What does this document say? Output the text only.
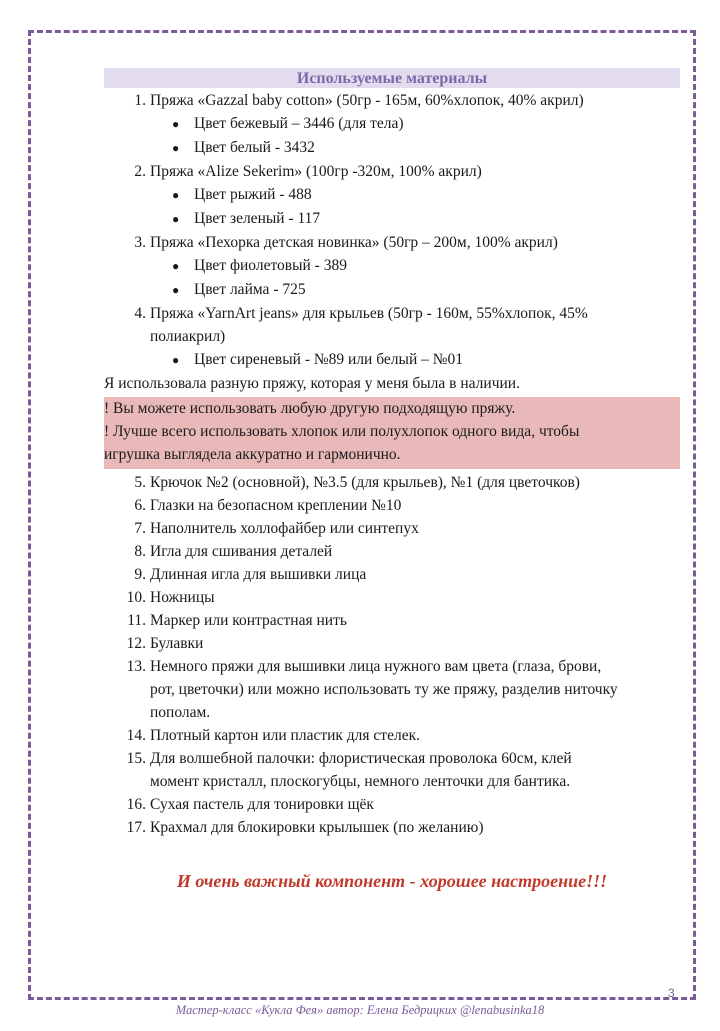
Используемые материалы
1. Пряжа «Gazzal baby cotton» (50гр - 165м, 60%хлопок, 40% акрил)
● Цвет бежевый – 3446 (для тела)
● Цвет белый - 3432
2. Пряжа «Alize Sekerim» (100гр -320м, 100% акрил)
● Цвет рыжий - 488
● Цвет зеленый - 117
3. Пряжа «Пехорка детская новинка» (50гр – 200м, 100% акрил)
● Цвет фиолетовый - 389
● Цвет лайма - 725
4. Пряжа «YarnArt jeans» для крыльев (50гр - 160м, 55%хлопок, 45%
полиакрил)
● Цвет сиреневый - №89 или белый – №01
Я использовала разную пряжу, которая у меня была в наличии.
! Вы можете использовать любую другую подходящую пряжу.
! Лучше всего использовать хлопок или полухлопок одного вида, чтобы
игрушка выглядела аккуратно и гармонично.
5. Крючок №2 (основной), №3.5 (для крыльев), №1 (для цветочков)
6. Глазки на безопасном креплении №10
7. Наполнитель холлофайбер или синтепух
8. Игла для сшивания деталей
9. Длинная игла для вышивки лица
10. Ножницы
11. Маркер или контрастная нить
12. Булавки
13. Немного пряжи для вышивки лица нужного вам цвета (глаза, брови,
рот, цветочки) или можно использовать ту же пряжу, разделив ниточку
пополам.
14. Плотный картон или пластик для стелек.
15. Для волшебной палочки: флористическая проволока 60см, клей
момент кристалл, плоскогубцы, немного ленточки для бантика.
16. Сухая пастель для тонировки щёк
17. Крахмал для блокировки крылышек (по желанию)
И очень важный компонент - хорошее настроение!!!
3
Мастер-класс «Кукла Фея» автор: Елена Бедрицких @lenabusinka18
